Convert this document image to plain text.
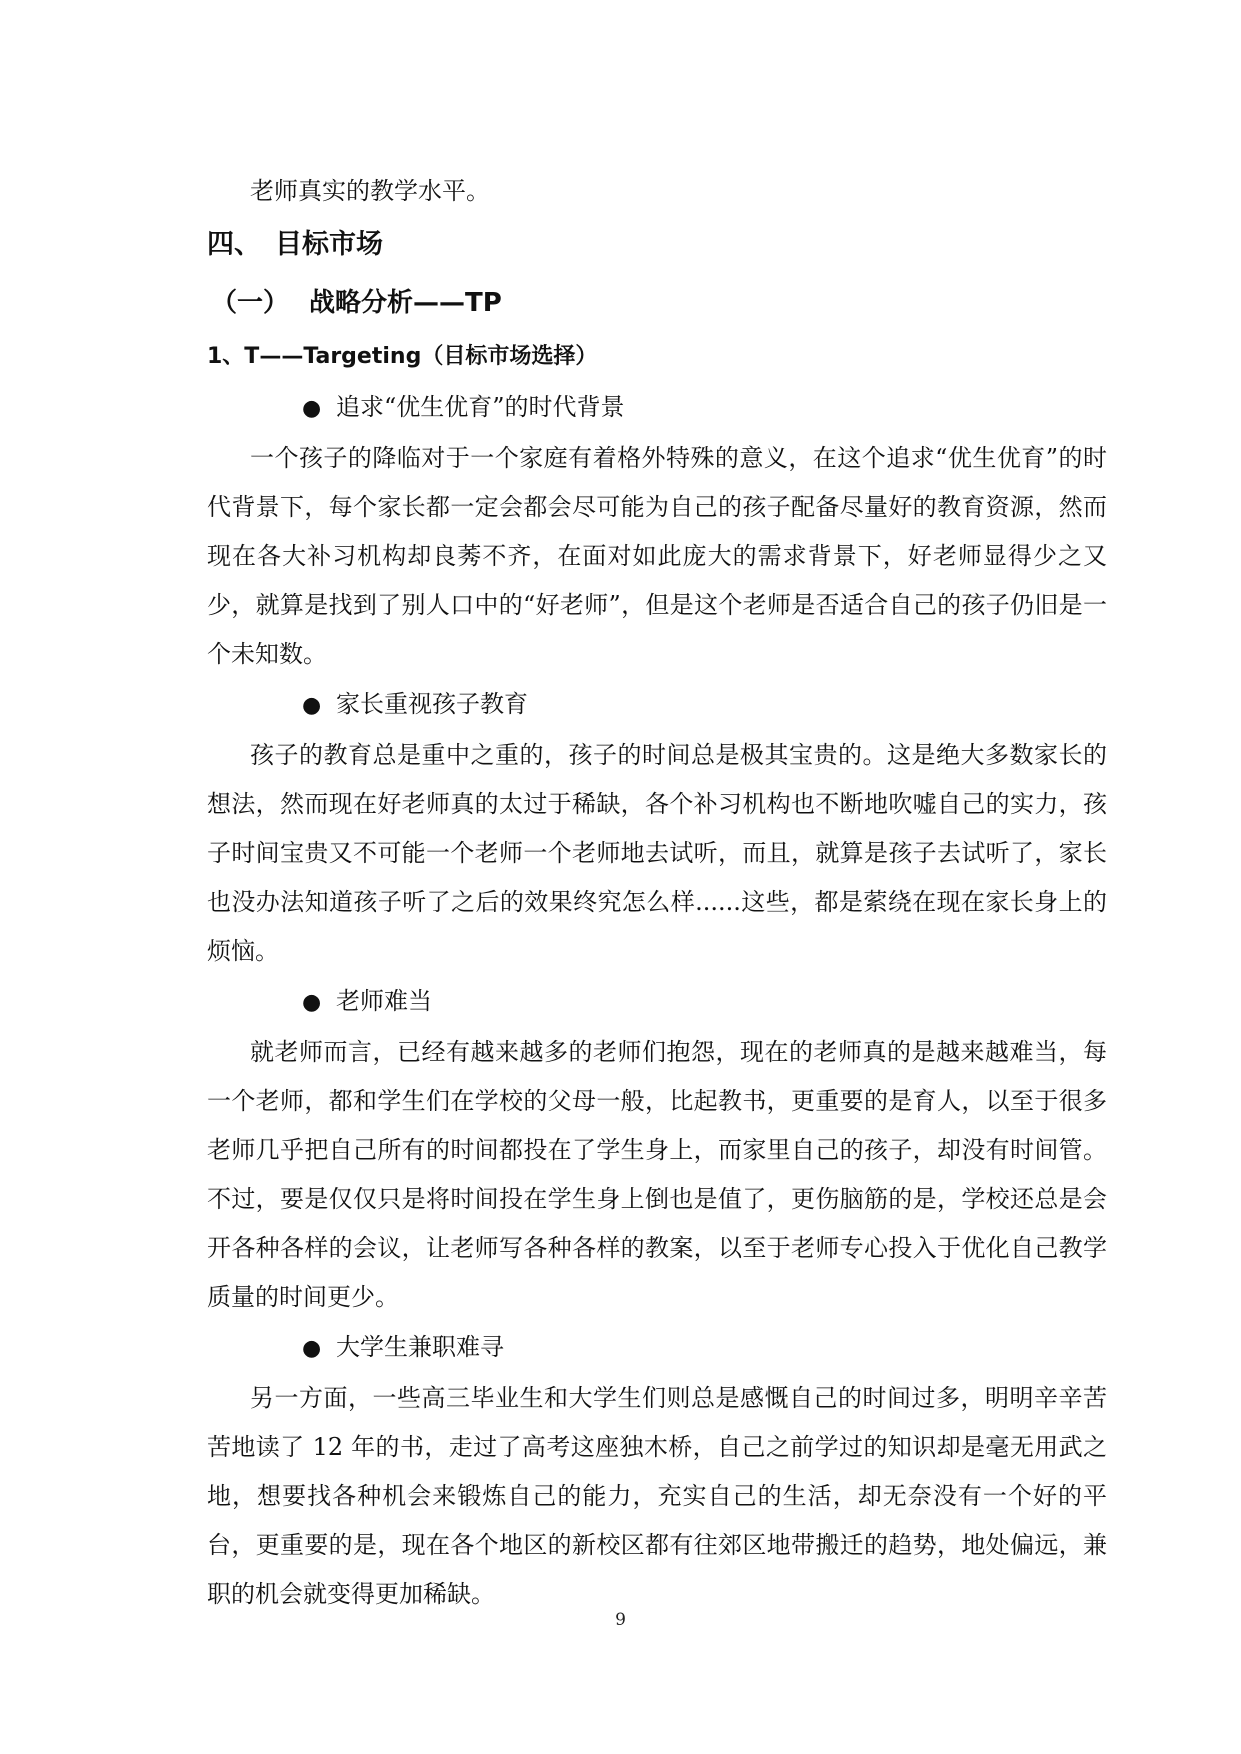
老师真实的教学水平。

四、 目标市场
（一） 战略分析——TP
1、T——Targeting（目标市场选择）

● 追求“优生优育”的时代背景

一个孩子的降临对于一个家庭有着格外特殊的意义，在这个追求“优生优育”的时代背景下，每个家长都一定会都会尽可能为自己的孩子配备尽量好的教育资源，然而现在各大补习机构却良莠不齐，在面对如此庞大的需求背景下，好老师显得少之又少，就算是找到了别人口中的“好老师”，但是这个老师是否适合自己的孩子仍旧是一个未知数。

● 家长重视孩子教育

孩子的教育总是重中之重的，孩子的时间总是极其宝贵的。这是绝大多数家长的想法，然而现在好老师真的太过于稀缺，各个补习机构也不断地吹嘘自己的实力，孩子时间宝贵又不可能一个老师一个老师地去试听，而且，就算是孩子去试听了，家长也没办法知道孩子听了之后的效果终究怎么样......这些，都是萦绕在现在家长身上的烦恼。

● 老师难当

就老师而言，已经有越来越多的老师们抱怨，现在的老师真的是越来越难当，每一个老师，都和学生们在学校的父母一般，比起教书，更重要的是育人，以至于很多老师几乎把自己所有的时间都投在了学生身上，而家里自己的孩子，却没有时间管。不过，要是仅仅只是将时间投在学生身上倒也是值了，更伤脑筋的是，学校还总是会开各种各样的会议，让老师写各种各样的教案，以至于老师专心投入于优化自己教学质量的时间更少。

● 大学生兼职难寻

另一方面，一些高三毕业生和大学生们则总是感慨自己的时间过多，明明辛辛苦苦地读了 12 年的书，走过了高考这座独木桥，自己之前学过的知识却是毫无用武之地，想要找各种机会来锻炼自己的能力，充实自己的生活，却无奈没有一个好的平台，更重要的是，现在各个地区的新校区都有往郊区地带搬迁的趋势，地处偏远，兼职的机会就变得更加稀缺。

9
